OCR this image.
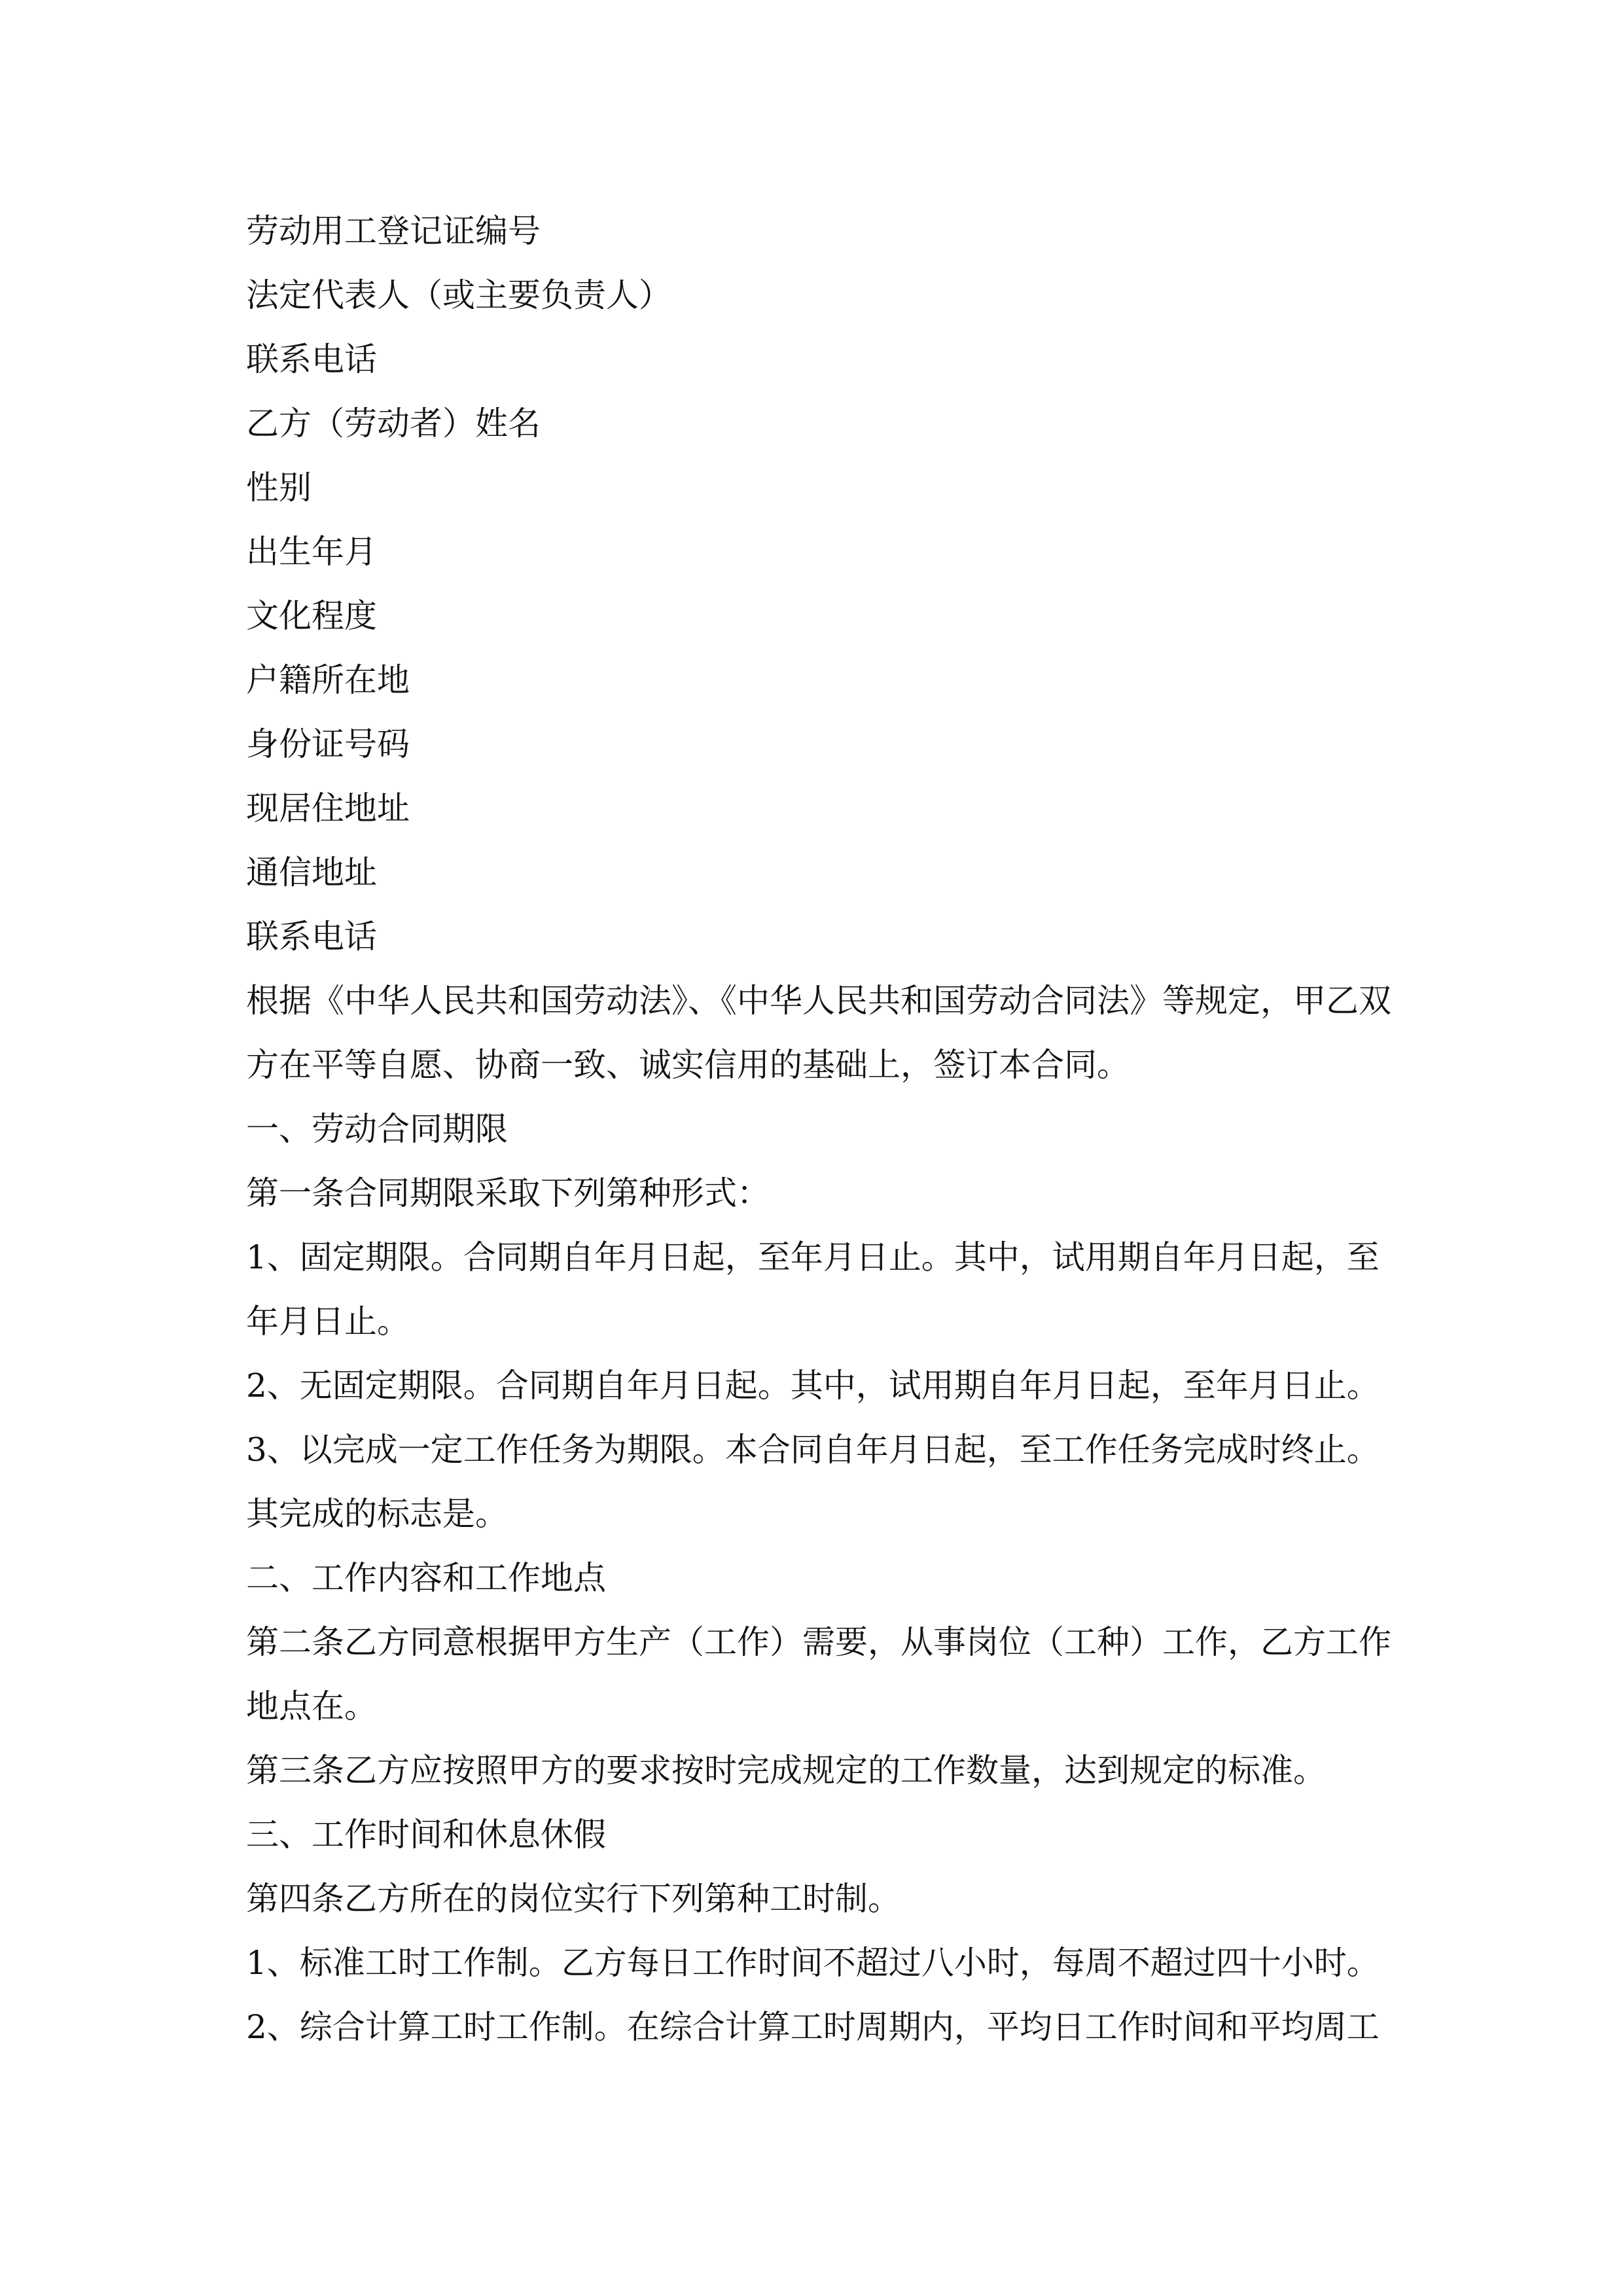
劳动用工登记证编号

法定代表人（或主要负责人）

联系电话

乙方（劳动者）姓名

性别

出生年月

文化程度

户籍所在地

身份证号码

现居住地址

通信地址

联系电话

根据《中华人民共和国劳动法》、《中华人民共和国劳动合同法》等规定，甲乙双

方在平等自愿、协商一致、诚实信用的基础上，签订本合同。

一、劳动合同期限

第一条合同期限采取下列第种形式：

1、固定期限。合同期自年月日起，至年月日止。其中，试用期自年月日起，至

年月日止。

2、无固定期限。合同期自年月日起。其中，试用期自年月日起，至年月日止。

3、以完成一定工作任务为期限。本合同自年月日起，至工作任务完成时终止。

其完成的标志是。

二、工作内容和工作地点

第二条乙方同意根据甲方生产（工作）需要，从事岗位（工种）工作，乙方工作

地点在。

第三条乙方应按照甲方的要求按时完成规定的工作数量，达到规定的标准。

三、工作时间和休息休假

第四条乙方所在的岗位实行下列第种工时制。

1、标准工时工作制。乙方每日工作时间不超过八小时，每周不超过四十小时。

2、综合计算工时工作制。在综合计算工时周期内，平均日工作时间和平均周工
